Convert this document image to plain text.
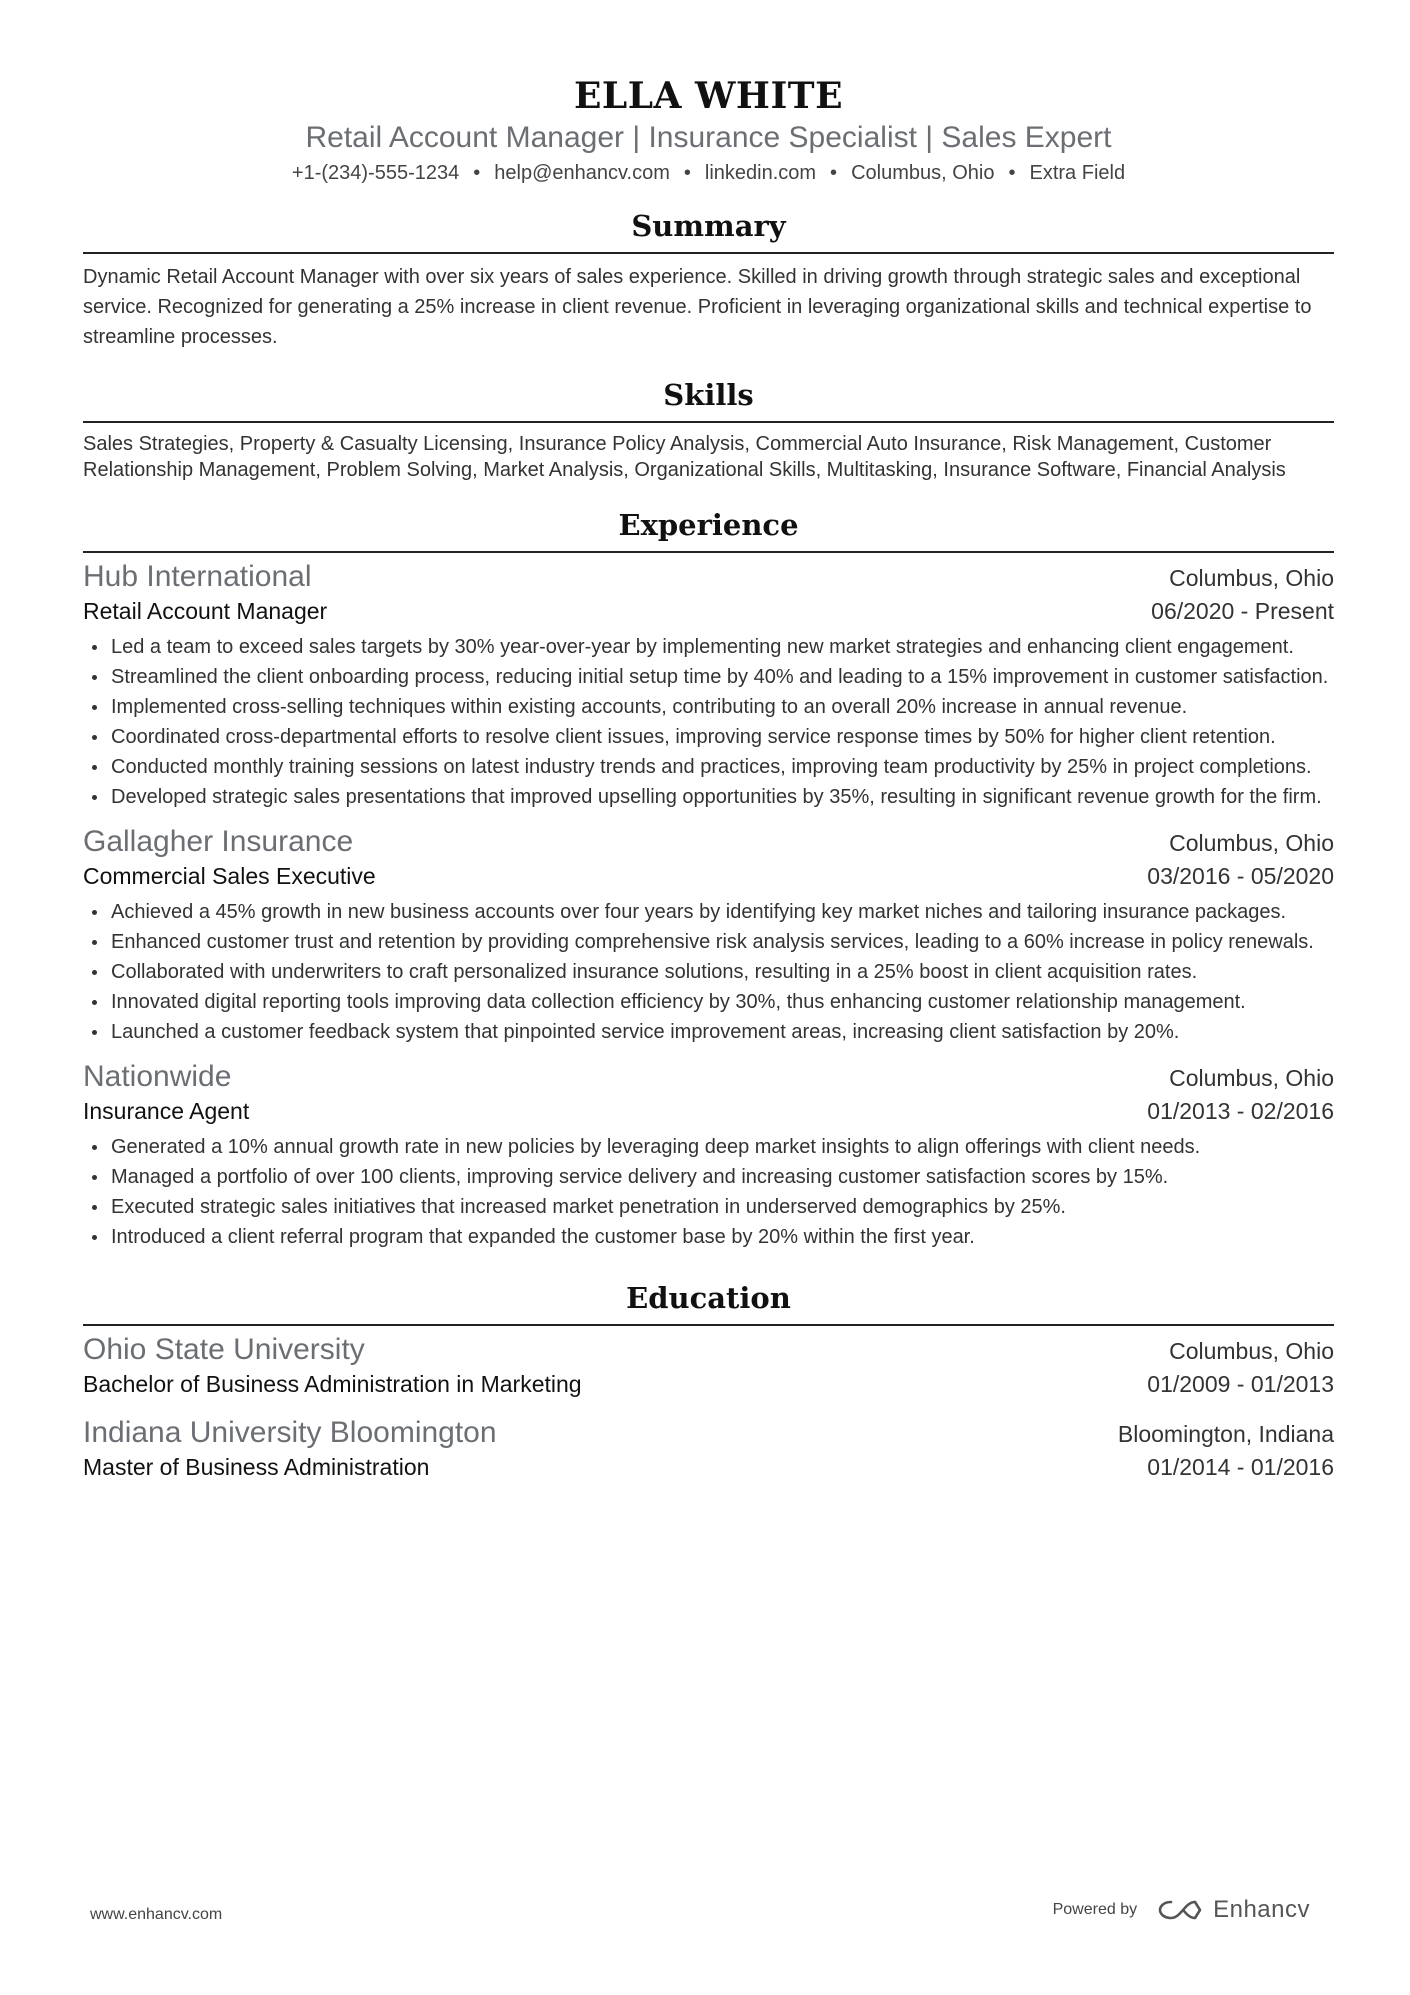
ELLA WHITE
Retail Account Manager | Insurance Specialist | Sales Expert
+1-(234)-555-1234 • help@enhancv.com • linkedin.com • Columbus, Ohio • Extra Field
Summary
Dynamic Retail Account Manager with over six years of sales experience. Skilled in driving growth through strategic sales and exceptional service. Recognized for generating a 25% increase in client revenue. Proficient in leveraging organizational skills and technical expertise to streamline processes.
Skills
Sales Strategies, Property & Casualty Licensing, Insurance Policy Analysis, Commercial Auto Insurance, Risk Management, Customer Relationship Management, Problem Solving, Market Analysis, Organizational Skills, Multitasking, Insurance Software, Financial Analysis
Experience
Hub International	Columbus, Ohio
Retail Account Manager	06/2020 - Present
Led a team to exceed sales targets by 30% year-over-year by implementing new market strategies and enhancing client engagement.
Streamlined the client onboarding process, reducing initial setup time by 40% and leading to a 15% improvement in customer satisfaction.
Implemented cross-selling techniques within existing accounts, contributing to an overall 20% increase in annual revenue.
Coordinated cross-departmental efforts to resolve client issues, improving service response times by 50% for higher client retention.
Conducted monthly training sessions on latest industry trends and practices, improving team productivity by 25% in project completions.
Developed strategic sales presentations that improved upselling opportunities by 35%, resulting in significant revenue growth for the firm.
Gallagher Insurance	Columbus, Ohio
Commercial Sales Executive	03/2016 - 05/2020
Achieved a 45% growth in new business accounts over four years by identifying key market niches and tailoring insurance packages.
Enhanced customer trust and retention by providing comprehensive risk analysis services, leading to a 60% increase in policy renewals.
Collaborated with underwriters to craft personalized insurance solutions, resulting in a 25% boost in client acquisition rates.
Innovated digital reporting tools improving data collection efficiency by 30%, thus enhancing customer relationship management.
Launched a customer feedback system that pinpointed service improvement areas, increasing client satisfaction by 20%.
Nationwide	Columbus, Ohio
Insurance Agent	01/2013 - 02/2016
Generated a 10% annual growth rate in new policies by leveraging deep market insights to align offerings with client needs.
Managed a portfolio of over 100 clients, improving service delivery and increasing customer satisfaction scores by 15%.
Executed strategic sales initiatives that increased market penetration in underserved demographics by 25%.
Introduced a client referral program that expanded the customer base by 20% within the first year.
Education
Ohio State University	Columbus, Ohio
Bachelor of Business Administration in Marketing	01/2009 - 01/2013
Indiana University Bloomington	Bloomington, Indiana
Master of Business Administration	01/2014 - 01/2016
www.enhancv.com	Powered by	Enhancv
